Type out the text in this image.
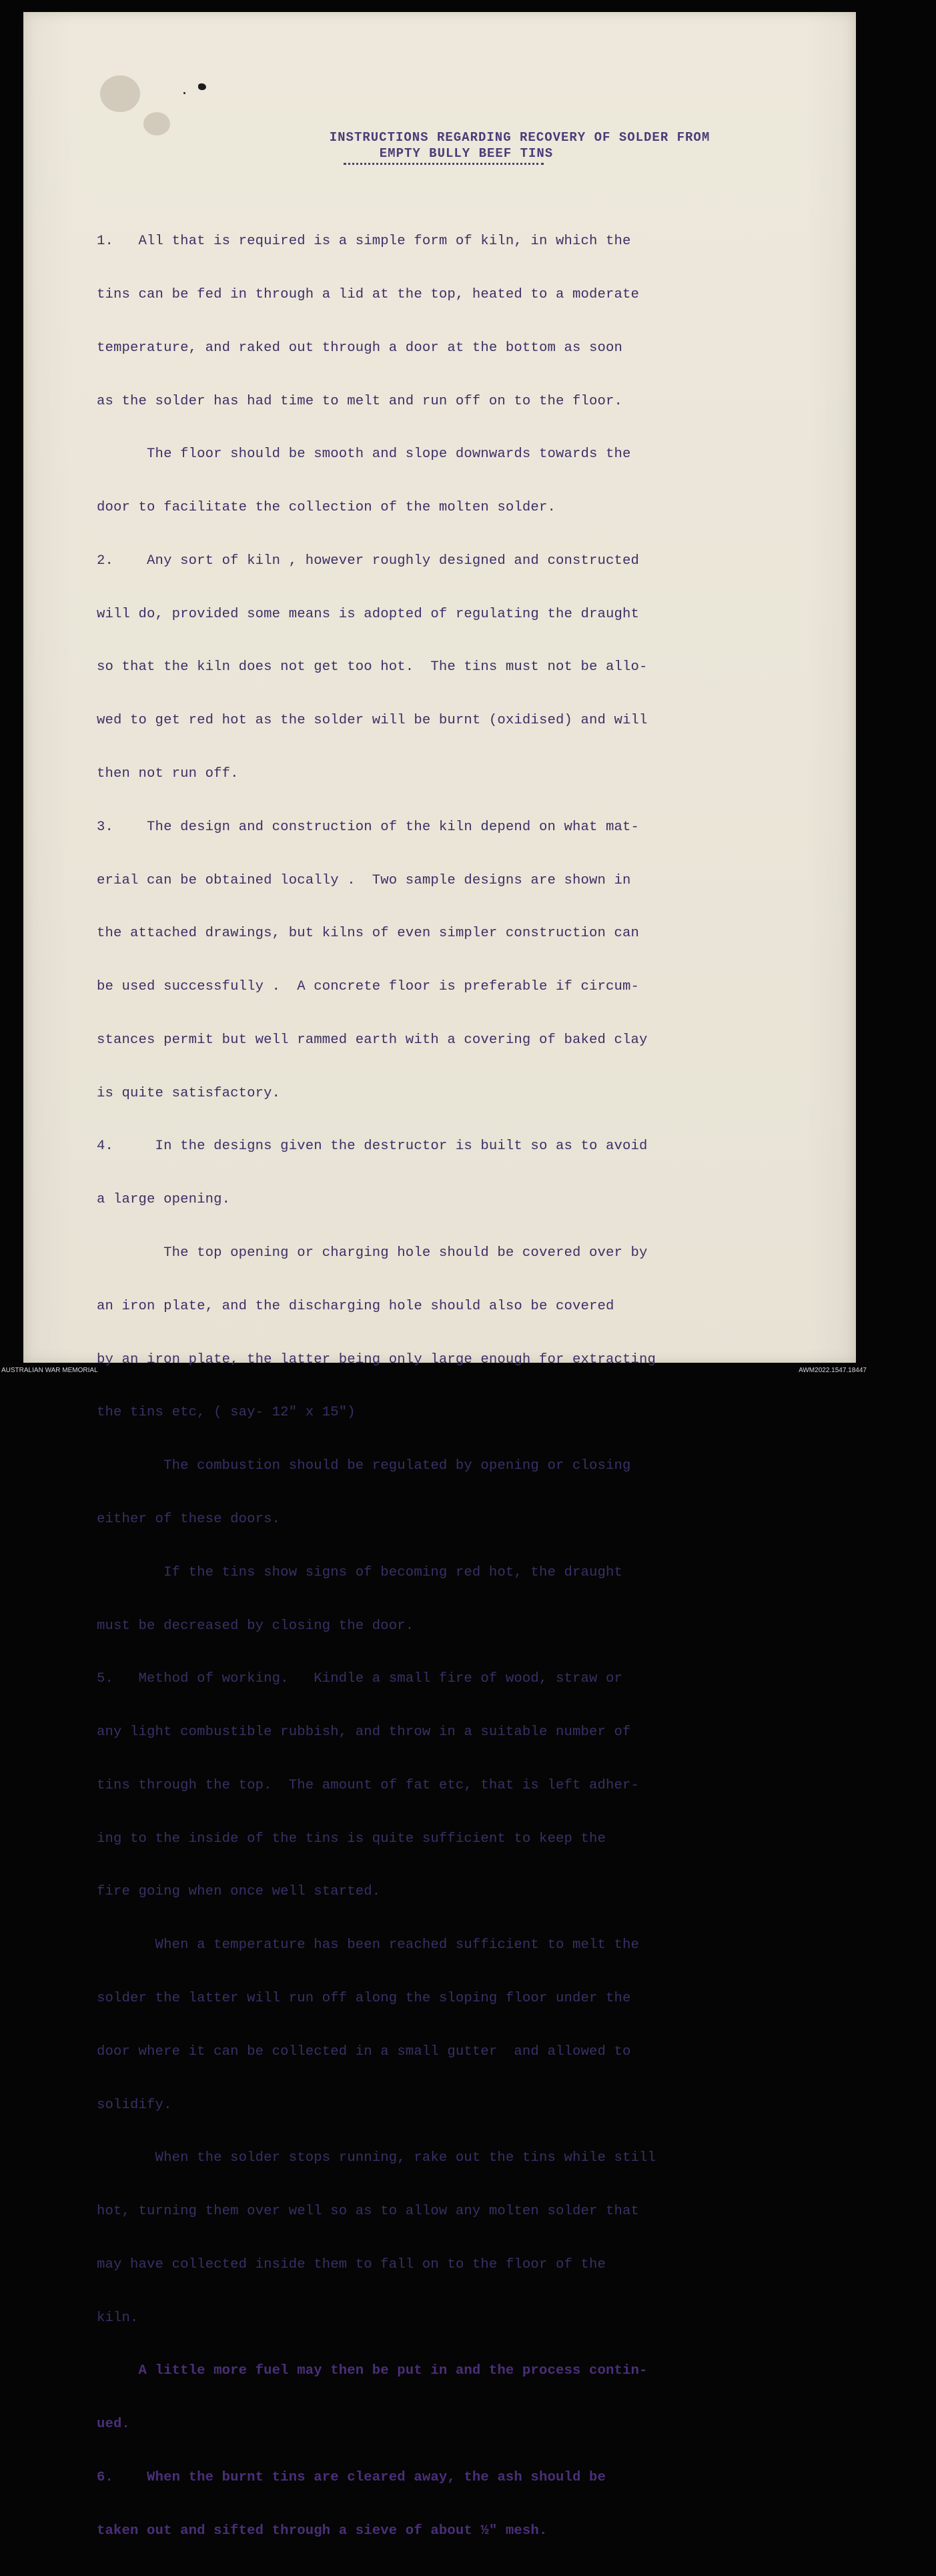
INSTRUCTIONS REGARDING RECOVERY OF SOLDER FROM
EMPTY BULLY BEEF TINS

1.   All that is required is a simple form of kiln, in which the

tins can be fed in through a lid at the top, heated to a moderate

temperature, and raked out through a door at the bottom as soon

as the solder has had time to melt and run off on to the floor.

The floor should be smooth and slope downwards towards the

door to facilitate the collection of the molten solder.

2.    Any sort of kiln , however roughly designed and constructed

will do, provided some means is adopted of regulating the draught

so that the kiln does not get too hot.  The tins must not be allo-

wed to get red hot as the solder will be burnt (oxidised) and will

then not run off.

3.    The design and construction of the kiln depend on what mat-

erial can be obtained locally .  Two sample designs are shown in

the attached drawings, but kilns of even simpler construction can

be used successfully .  A concrete floor is preferable if circum-

stances permit but well rammed earth with a covering of baked clay

is quite satisfactory.

4.     In the designs given the destructor is built so as to avoid

a large opening.

The top opening or charging hole should be covered over by

an iron plate, and the discharging hole should also be covered

by an iron plate, the latter being only large enough for extracting

the tins etc, ( say- 12" x 15")

The combustion should be regulated by opening or closing

either of these doors.

If the tins show signs of becoming red hot, the draught

must be decreased by closing the door.

5.   Method of working.   Kindle a small fire of wood, straw or

any light combustible rubbish, and throw in a suitable number of

tins through the top.  The amount of fat etc, that is left adher-

ing to the inside of the tins is quite sufficient to keep the

fire going when once well started.

When a temperature has been reached sufficient to melt the

solder the latter will run off along the sloping floor under the

door where it can be collected in a small gutter  and allowed to

solidify.

When the solder stops running, rake out the tins while still

hot, turning them over well so as to allow any molten solder that

may have collected inside them to fall on to the floor of the

kiln.

A little more fuel may then be put in and the process contin-

ued.

6.    When the burnt tins are cleared away, the ash should be

taken out and sifted through a sieve of about ½" mesh.

AUSTRALIAN WAR MEMORIAL	AWM2022.1547.18447
